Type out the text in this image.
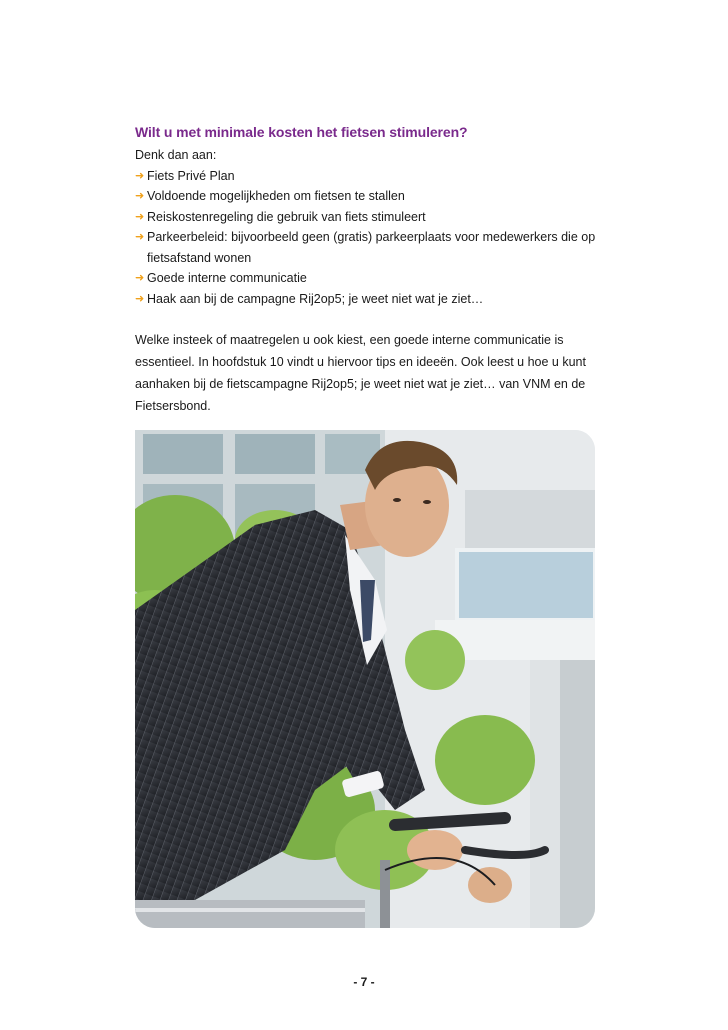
Wilt u met minimale kosten het fietsen stimuleren?

Denk dan aan:

➜ Fiets Privé Plan
➜ Voldoende mogelijkheden om fietsen te stallen
➜ Reiskostenregeling die gebruik van fiets stimuleert
➜ Parkeerbeleid: bijvoorbeeld geen (gratis) parkeerplaats voor medewerkers die op fietsafstand wonen
➜ Goede interne communicatie
➜ Haak aan bij de campagne Rij2op5; je weet niet wat je ziet…

Welke insteek of maatregelen u ook kiest, een goede interne communicatie is essentieel. In hoofdstuk 10 vindt u hiervoor tips en ideeën. Ook leest u hoe u kunt aanhaken bij de fietscampagne Rij2op5; je weet niet wat je ziet… van VNM en de Fietsersbond.

- 7 -
